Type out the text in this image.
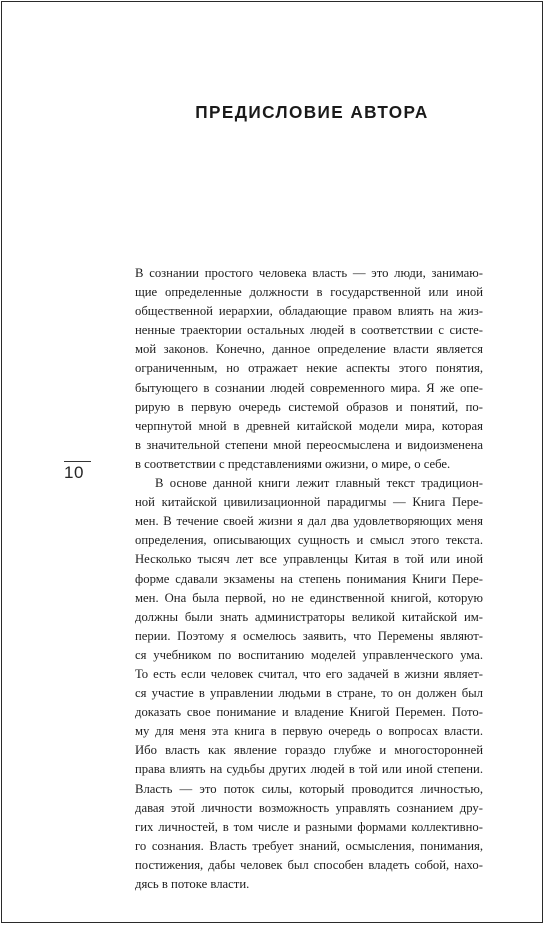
ПРЕДИСЛОВИЕ АВТОРА
10
В сознании простого человека власть — это люди, занимаю-
щие определенные должности в государственной или иной
общественной иерархии, обладающие правом влиять на жиз-
ненные траектории остальных людей в соответствии с систе-
мой законов. Конечно, данное определение власти является
ограниченным, но отражает некие аспекты этого понятия,
бытующего в сознании людей современного мира. Я же опе-
рирую в первую очередь системой образов и понятий, по-
черпнутой мной в древней китайской модели мира, которая
в значительной степени мной переосмыслена и видоизменена
в соответствии с представлениями ожизни, о мире, о себе.
В основе данной книги лежит главный текст традицион-
ной китайской цивилизационной парадигмы — Книга Пере-
мен. В течение своей жизни я дал два удовлетворяющих меня
определения, описывающих сущность и смысл этого текста.
Несколько тысяч лет все управленцы Китая в той или иной
форме сдавали экзамены на степень понимания Книги Пере-
мен. Она была первой, но не единственной книгой, которую
должны были знать администраторы великой китайской им-
перии. Поэтому я осмелюсь заявить, что Перемены являют-
ся учебником по воспитанию моделей управленческого ума.
То есть если человек считал, что его задачей в жизни являет-
ся участие в управлении людьми в стране, то он должен был
доказать свое понимание и владение Книгой Перемен. Пото-
му для меня эта книга в первую очередь о вопросах власти.
Ибо власть как явление гораздо глубже и многосторонней
права влиять на судьбы других людей в той или иной степени.
Власть — это поток силы, который проводится личностью,
давая этой личности возможность управлять сознанием дру-
гих личностей, в том числе и разными формами коллективно-
го сознания. Власть требует знаний, осмысления, понимания,
постижения, дабы человек был способен владеть собой, нахо-
дясь в потоке власти.
